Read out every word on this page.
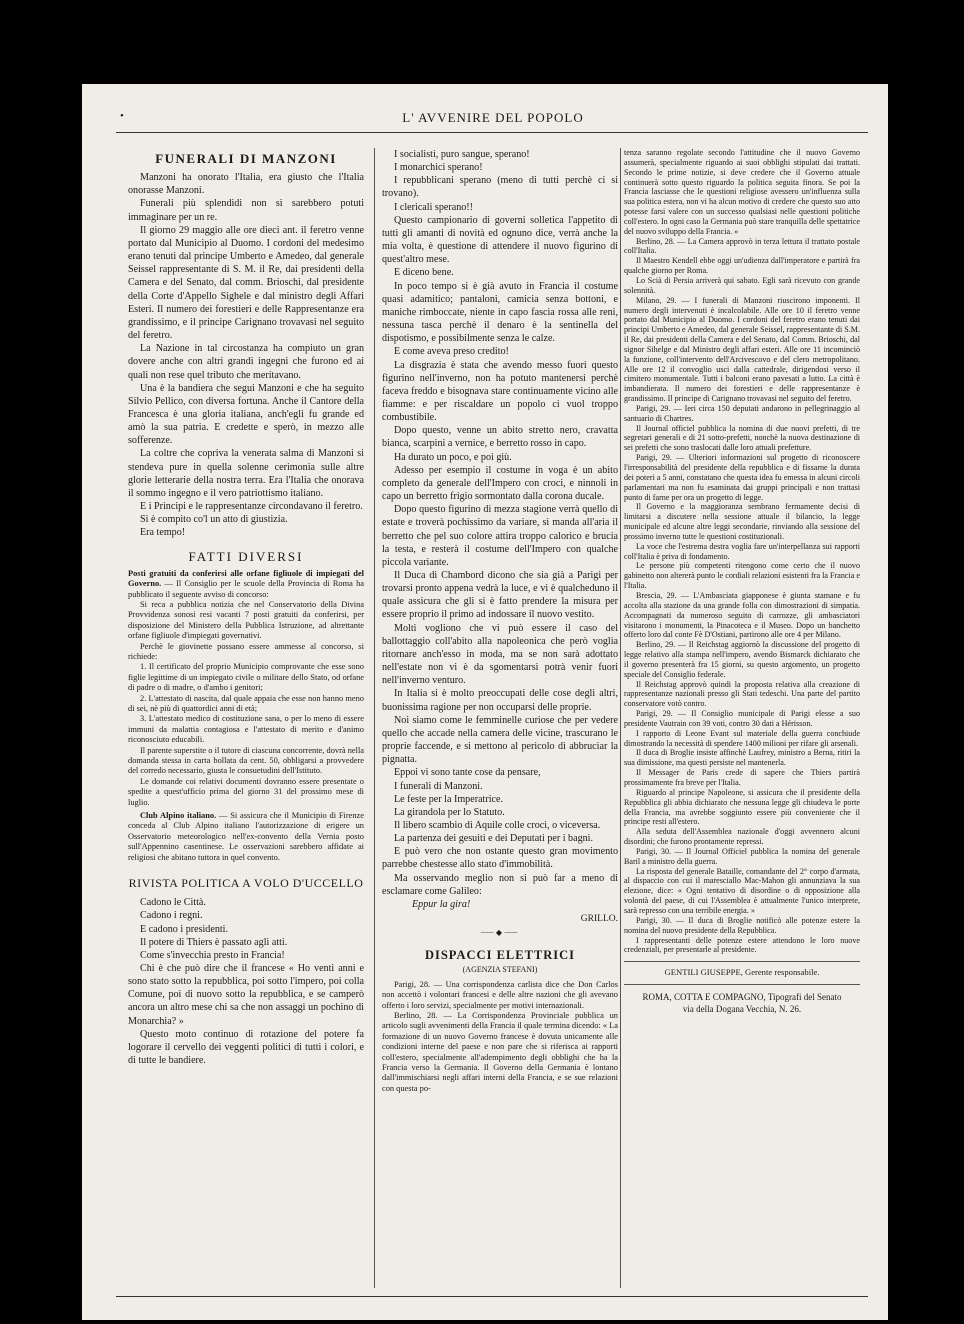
•	L' AVVENIRE DEL POPOLO

FUNERALI DI MANZONI

Manzoni ha onorato l'Italia, era giusto che l'Italia onorasse Manzoni.

Funerali più splendidi non si sarebbero potuti immaginare per un re.

Il giorno 29 maggio alle ore dieci ant. il feretro venne portato dal Municipio al Duomo. I cordoni del medesimo erano tenuti dal principe Umberto e Amedeo, dal generale Seissel rappresentante di S. M. il Re, dai presidenti della Camera e del Senato, dal comm. Brioschi, dal presidente della Corte d'Appello Sighele e dal ministro degli Affari Esteri. Il numero dei forestieri e delle Rappresentanze era grandissimo, e il principe Carignano trovavasi nel seguito del feretro.

La Nazione in tal circostanza ha compiuto un gran dovere anche con altri grandi ingegni che furono ed ai quali non rese quel tributo che meritavano.

Una è la bandiera che segui Manzoni e che ha seguito Silvio Pellico, con diversa fortuna. Anche il Cantore della Francesca è una gloria italiana, anch'egli fu grande ed amò la sua patria. E credette e sperò, in mezzo alle sofferenze.

La coltre che copriva la venerata salma di Manzoni si stendeva pure in quella solenne cerimonia sulle altre glorie letterarie della nostra terra. Era l'Italia che onorava il sommo ingegno e il vero patriottismo italiano.

E i Principi e le rappresentanze circondavano il feretro.

Si è compito co'l un atto di giustizia.

Era tempo!

FATTI DIVERSI

Posti gratuiti da conferirsi alle orfane figliuole di impiegati del Governo. — Il Consiglio per le scuole della Provincia di Roma ha pubblicato il seguente avviso di concorso:

Si reca a pubblica notizia che nel Conservatorio della Divina Provvidenza sonosi resi vacanti 7 posti gratuiti da conferirsi, per disposizione del Ministero della Pubblica Istruzione, ad altrettante orfane figliuole d'impiegati governativi.

Perchè le giovinette possano essere ammesse al concorso, si richiede:

1. Il certificato del proprio Municipio comprovante che esse sono figlie legittime di un impiegato civile o militare dello Stato, od orfane di padre o di madre, o d'ambo i genitori;

2. L'attestato di nascita, dal quale appaia che esse non hanno meno di sei, nè più di quattordici anni di età;

3. L'attestato medico di costituzione sana, o per lo meno di essere immuni da malattia contagiosa e l'attestato di merito e d'animo riconosciuto educabili.

Il parente superstite o il tutore di ciascuna concorrente, dovrà nella domanda stessa in carta bollata da cent. 50, obbligarsi a provvedere del corredo necessario, giusta le consuetudini dell'Istituto.

Le domande coi relativi documenti dovranno essere presentate o spedite a quest'ufficio prima del giorno 31 del prossimo mese di luglio.

Club Alpino italiano. — Si assicura che il Municipio di Firenze conceda al Club Alpino italiano l'autorizzazione di erigere un Osservatorio meteorologico nell'ex-convento della Vernia posto sull'Appennino casentinese. Le osservazioni sarebbero affidate ai religiosi che abitano tuttora in quel convento.

RIVISTA POLITICA A VOLO D'UCCELLO

Cadono le Città.

Cadono i regni.

E cadono i presidenti.

Il potere di Thiers è passato agli atti.

Come s'invecchia presto in Francia!

Chi è che può dire che il francese « Ho venti anni e sono stato sotto la repubblica, poi sotto l'impero, poi colla Comune, poi di nuovo sotto la repubblica, e se camperò ancora un altro mese chi sa che non assaggi un pochino di Monarchia? »

Questo moto continuo di rotazione del potere fa logorare il cervello dei veggenti politici di tutti i colori, e di tutte le bandiere.

I socialisti, puro sangue, sperano!

I monarchici sperano!

I repubblicani sperano (meno di tutti perchè ci si trovano).

I clericali sperano!!

Questo campionario di governi solletica l'appetito di tutti gli amanti di novità ed ognuno dice, verrà anche la mia volta, è questione di attendere il nuovo figurino di quest'altro mese.

E diceno bene.

In poco tempo si è già avuto in Francia il costume quasi adamitico; pantaloni, camicia senza bottoni, e maniche rimboccate, niente in capo fascia rossa alle reni, nessuna tasca perchè il denaro è la sentinella del dispotismo, e possibilmente senza le calze.

E come aveva preso credito!

La disgrazia è stata che avendo messo fuori questo figurino nell'inverno, non ha potuto mantenersi perchè faceva freddo e bisognava stare continuamente vicino alle fiamme: e per riscaldare un popolo ci vuol troppo combustibile.

Dopo questo, venne un abito stretto nero, cravatta bianca, scarpini a vernice, e berretto rosso in capo.

Ha durato un poco, e poi giù.

Adesso per esempio il costume in voga è un abito completo da generale dell'Impero con croci, e ninnoli in capo un berretto frigio sormontato dalla corona ducale.

Dopo questo figurino di mezza stagione verrà quello di estate e troverà pochissimo da variare, si manda all'aria il berretto che pel suo colore attira troppo calorico e brucia la testa, e resterà il costume dell'Impero con qualche piccola variante.

Il Duca di Chambord dicono che sia già a Parigi per trovarsi pronto appena vedrà la luce, e vi è qualcheduno il quale assicura che gli si è fatto prendere la misura per essere proprio il primo ad indossare il nuovo vestito.

Molti vogliono che vi può essere il caso del ballottaggio coll'abito alla napoleonica che però voglia ritornare anch'esso in moda, ma se non sarà adottato nell'estate non vi è da sgomentarsi potrà venir fuori nell'inverno venturo.

In Italia si è molto preoccupati delle cose degli altri, buonissima ragione per non occuparsi delle proprie.

Noi siamo come le femminelle curiose che per vedere quello che accade nella camera delle vicine, trascurano le proprie faccende, e si mettono al pericolo di abbruciar la pignatta.

Eppoi vi sono tante cose da pensare,

I funerali di Manzoni.

Le feste per la Imperatrice.

La girandola per lo Statuto.

Il libero scambio di Aquile colle croci, o viceversa.

La partenza dei gesuiti e dei Deputati per i bagni.

E può vero che non ostante questo gran movimento parrebbe chestesse allo stato d'immobilità.

Ma osservando meglio non si può far a meno di esclamare come Galileo:

Eppur la gira!

GRILLO.

⸺◆⸺

DISPACCI ELETTRICI

(AGENZIA STEFANI)

Parigi, 28. — Una corrispondenza carlista dice che Don Carlos non accettò i volontari francesi e delle altre nazioni che gli avevano offerto i loro servizi, specialmente per motivi internazionali.

Berlino, 28. — La Corrispondenza Provinciale pubblica un articolo sugli avvenimenti della Francia il quale termina dicendo: « La formazione di un nuovo Governo francese è dovuta unicamente alle condizioni interne del paese e non pare che si riferisca ai rapporti coll'estero, specialmente all'adempimento degli obblighi che ha la Francia verso la Germania. Il Governo della Germania è lontano dall'immischiarsi negli affari interni della Francia, e se sue relazioni con questa po-

tenza saranno regolate secondo l'attitudine che il nuovo Governo assumerà, specialmente riguardo ai suoi obblighi stipulati dai trattati. Secondo le prime notizie, si deve credere che il Governo attuale continuerà sotto questo riguardo la politica seguita finora. Se poi la Francia lasciasse che le questioni religiose avessero un'influenza sulla sua politica estera, non vi ha alcun motivo di credere che questo suo atto potesse farsi valere con un successo qualsiasi nelle questioni politiche coll'estero. In ogni caso la Germania può stare tranquilla delle spettatrice del nuovo sviluppo della Francia. »

Berlino, 28. — La Camera approvò in terza lettura il trattato postale coll'Italia.

Il Maestro Kendell ebbe oggi un'udienza dall'imperatore e partirà fra qualche giorno per Roma.

Lo Scià di Persia arriverà qui sabato. Egli sarà ricevuto con grande solennità.

Milano, 29. — I funerali di Manzoni riuscirono imponenti. Il numero degli intervenuti è incalcolabile. Alle ore 10 il feretro venne portato dal Municipio al Duomo. I cordoni del feretro erano tenuti dai principi Umberto e Amedeo, dal generale Seissel, rappresentante di S.M. il Re, dai presidenti della Camera e del Senato, dal Comm. Brioschi, dal signor Sihelge e dal Ministro degli affari esteri. Alle ore 11 incominciò la funzione, coll'intervento dell'Arcivescovo e del clero metropolitano. Alle ore 12 il convoglio usci dalla cattedrale, dirigendosi verso il cimitero monumentale. Tutti i balconi erano pavesati a lutto. La città è imbandierata. Il numero dei forestieri e delle rappresentanze è grandissimo. Il principe di Carignano trovavasi nel seguito del feretro.

Parigi, 29. — Ieri circa 150 deputati andarono in pellegrinaggio al santuario di Chartres.

Il Journal officiel pubblica la nomina di due nuovi prefetti, di tre segretari generali e di 21 sotto-prefetti, nonchè la nuova destinazione di sei prefetti che sono traslocati dalle loro attuali prefetture.

Parigi, 29. — Ulteriori informazioni sul progetto di riconoscere l'irresponsabilità del presidente della repubblica e di fissarne la durata dei poteri a 5 anni, constatano che questa idea fu emessa in alcuni circoli parlamentari ma non fu esaminata dai gruppi principali e non trattasi punto di farne per ora un progetto di legge.

Il Governo e la maggioranza sembrano fermamente decisi di limitarsi a discutere nella sessione attuale il bilancio, la legge municipale ed alcune altre leggi secondarie, rinviando alla sessione del prossimo inverno tutte le questioni costituzionali.

La voce che l'estrema destra voglia fare un'interpellanza sui rapporti coll'Italia è priva di fondamento.

Le persone più competenti ritengono come certo che il nuovo gabinetto non altererà punto le cordiali relazioni esistenti fra la Francia e l'Italia.

Brescia, 29. — L'Ambasciata giapponese è giunta stamane e fu accolta alla stazione da una grande folla con dimostrazioni di simpatia. Accompagnati da numeroso seguito di carrozze, gli ambasciatori visitarono i monumenti, la Pinacoteca e il Museo. Dopo un banchetto offerto loro dal conte Fè D'Ostiani, partirono alle ore 4 per Milano.

Berlino, 29. — Il Reichstag aggiornò la discussione del progetto di legge relativo alla stampa nell'impero, avendo Bismarck dichiarato che il governo presenterà fra 15 giorni, su questo argomento, un progetto speciale del Consiglio federale.

Il Reichstag approvò quindi la proposta relativa alla creazione di rappresentanze nazionali presso gli Stati tedeschi. Una parte del partito conservatore votò contro.

Parigi, 29. — Il Consiglio municipale di Parigi elesse a suo presidente Vautrain con 39 voti, contro 30 dati a Hérisson.

I rapporto di Leone Evant sul materiale della guerra conchiude dimostrando la necessità di spendere 1400 milioni per rifare gli arsenali.

Il duca di Broglie insiste affinchè Laufrey, ministro a Berna, ritiri la sua dimissione, ma questi persiste nel mantenerla.

Il Messager de Paris crede di sapere che Thiers partirà prossimamente fra breve per l'Italia.

Riguardo al principe Napoleone, si assicura che il presidente della Repubblica gli abbia dichiarato che nessuna legge gli chiudeva le porte della Francia, ma avrebbe soggiunto essere più conveniente che il principe resti all'estero.

Alla seduta dell'Assemblea nazionale d'oggi avvennero alcuni disordini; che furono prontamente repressi.

Parigi, 30. — Il Journal Officiel pubblica la nomina del generale Baril a ministro della guerra.

La risposta del generale Bataille, comandante del 2° corpo d'armata, al dispaccio con cui il maresciallo Mac-Mahon gli annunziava la sua elezione, dice: « Ogni tentativo di disordine o di opposizione alla volontà del paese, di cui l'Assemblea è attualmente l'unico interprete, sarà represso con una terribile energia. »

Parigi, 30. — Il duca di Broglie notificò alle potenze estere la nomina del nuovo presidente della Repubblica.

I rappresentanti delle potenze estere attendono le loro nuove credenziali, per presentarle al presidente.

GENTILI GIUSEPPE, Gerente responsabile.

ROMA, COTTA E COMPAGNO, Tipografi del Senato

via della Dogana Vecchia, N. 26.
